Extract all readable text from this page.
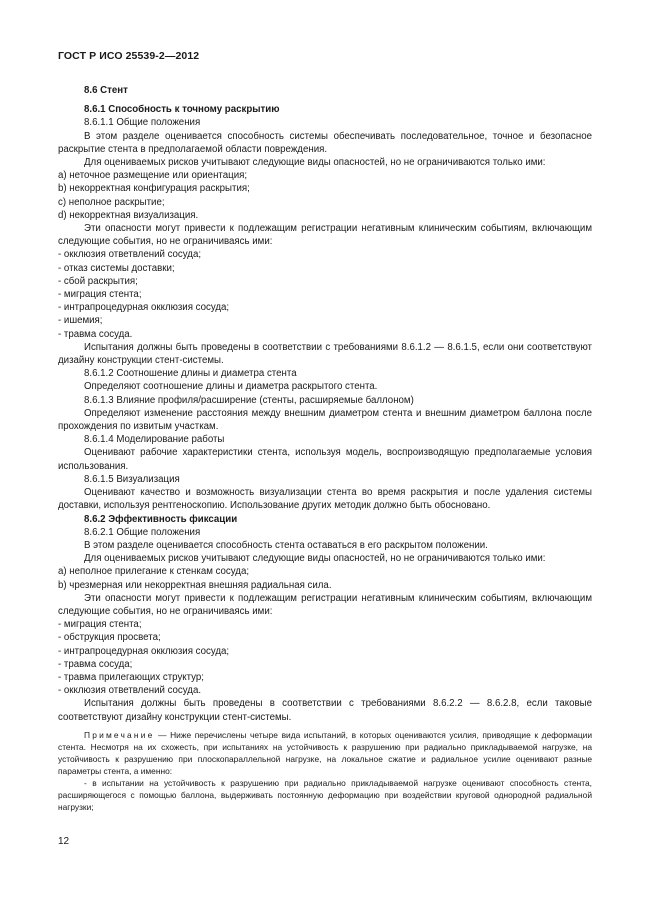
ГОСТ Р ИСО 25539-2—2012

8.6 Стент

8.6.1 Способность к точному раскрытию

8.6.1.1 Общие положения

В этом разделе оценивается способность системы обеспечивать последовательное, точное и безопасное раскрытие стента в предполагаемой области повреждения.

Для оцениваемых рисков учитывают следующие виды опасностей, но не ограничиваются только ими:

a) неточное размещение или ориентация;

b) некорректная конфигурация раскрытия;

c) неполное раскрытие;

d) некорректная визуализация.

Эти опасности могут привести к подлежащим регистрации негативным клиническим событиям, включающим следующие события, но не ограничиваясь ими:

- окклюзия ответвлений сосуда;

- отказ системы доставки;

- сбой раскрытия;

- миграция стента;

- интрапроцедурная окклюзия сосуда;

- ишемия;

- травма сосуда.

Испытания должны быть проведены в соответствии с требованиями 8.6.1.2 — 8.6.1.5, если они соответствуют дизайну конструкции стент-системы.

8.6.1.2 Соотношение длины и диаметра стента

Определяют соотношение длины и диаметра раскрытого стента.

8.6.1.3 Влияние профиля/расширение (стенты, расширяемые баллоном)

Определяют изменение расстояния между внешним диаметром стента и внешним диаметром баллона после прохождения по извитым участкам.

8.6.1.4 Моделирование работы

Оценивают рабочие характеристики стента, используя модель, воспроизводящую предполагаемые условия использования.

8.6.1.5 Визуализация

Оценивают качество и возможность визуализации стента во время раскрытия и после удаления системы доставки, используя рентгеноскопию. Использование других методик должно быть обосновано.

8.6.2 Эффективность фиксации

8.6.2.1 Общие положения

В этом разделе оценивается способность стента оставаться в его раскрытом положении.

Для оцениваемых рисков учитывают следующие виды опасностей, но не ограничиваются только ими:

a) неполное прилегание к стенкам сосуда;

b) чрезмерная или некорректная внешняя радиальная сила.

Эти опасности могут привести к подлежащим регистрации негативным клиническим событиям, включающим следующие события, но не ограничиваясь ими:

- миграция стента;

- обструкция просвета;

- интрапроцедурная окклюзия сосуда;

- травма сосуда;

- травма прилегающих структур;

- окклюзия ответвлений сосуда.

Испытания должны быть проведены в соответствии с требованиями 8.6.2.2 — 8.6.2.8, если таковые соответствуют дизайну конструкции стент-системы.

Примечание — Ниже перечислены четыре вида испытаний, в которых оцениваются усилия, приводящие к деформации стента. Несмотря на их схожесть, при испытаниях на устойчивость к разрушению при радиально прикладываемой нагрузке, на устойчивость к разрушению при плоскопараллельной нагрузке, на локальное сжатие и радиальное усилие оценивают разные параметры стента, а именно:

- в испытании на устойчивость к разрушению при радиально прикладываемой нагрузке оценивают способность стента, расширяющегося с помощью баллона, выдерживать постоянную деформацию при воздействии круговой однородной радиальной нагрузки;

12
